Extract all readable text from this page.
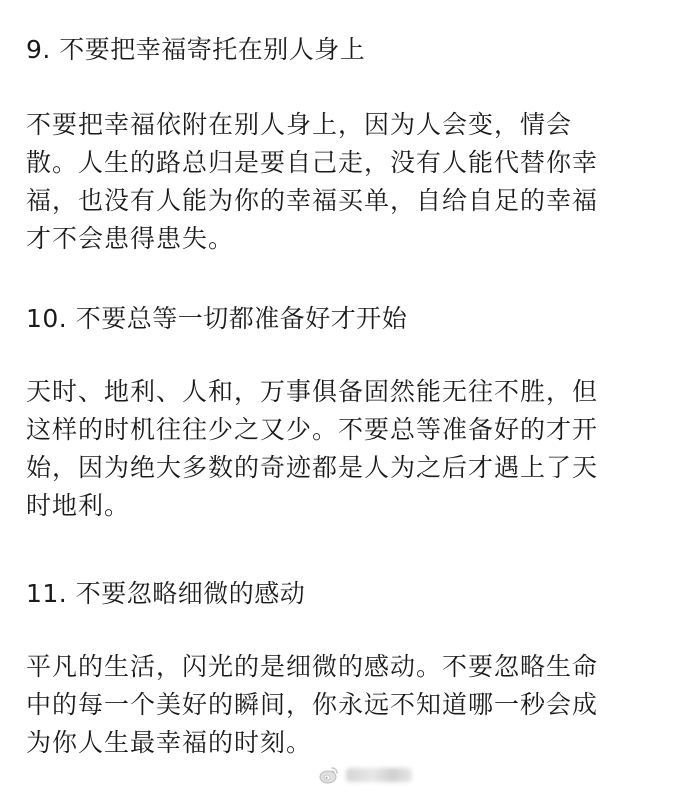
9. 不要把幸福寄托在别人身上

不要把幸福依附在别人身上，因为人会变，情会
散。人生的路总归是要自己走，没有人能代替你幸
福，也没有人能为你的幸福买单，自给自足的幸福
才不会患得患失。

10. 不要总等一切都准备好才开始

天时、地利、人和，万事俱备固然能无往不胜，但
这样的时机往往少之又少。不要总等准备好的才开
始，因为绝大多数的奇迹都是人为之后才遇上了天
时地利。

11. 不要忽略细微的感动

平凡的生活，闪光的是细微的感动。不要忽略生命
中的每一个美好的瞬间，你永远不知道哪一秒会成
为你人生最幸福的时刻。
